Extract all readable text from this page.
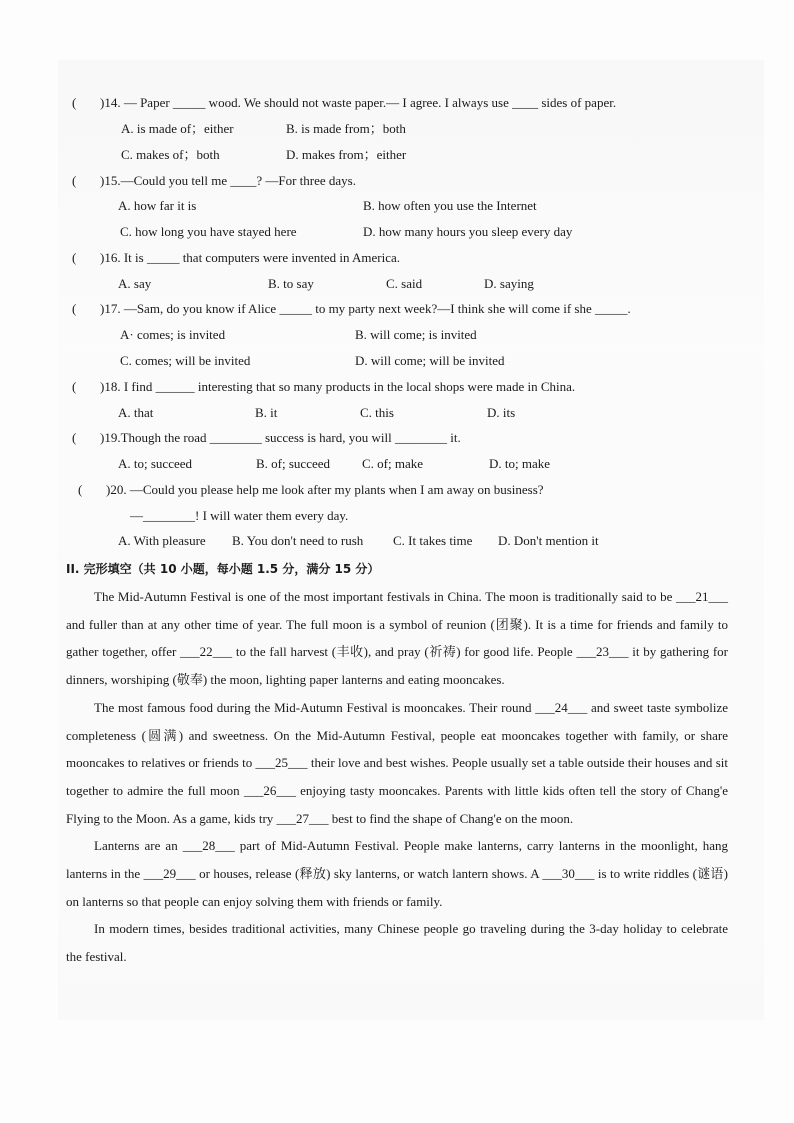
( )14. — Paper _____ wood. We should not waste paper.— I agree. I always use ____ sides of paper.
A. is made of；either	B. is made from；both
C. makes of；both	D. makes from；either
( )15.—Could you tell me ____? —For three days.
A. how far it is	B. how often you use the Internet
C. how long you have stayed here	D. how many hours you sleep every day
( )16. It is _____ that computers were invented in America.
A. say	B. to say	C. said	D. saying
( )17. —Sam, do you know if Alice _____ to my party next week?—I think she will come if she _____.
A· comes; is invited	B. will come; is invited
C. comes; will be invited	D. will come; will be invited
( )18. I find ______ interesting that so many products in the local shops were made in China.
A. that	B. it	C. this	D. its
( )19.Though the road ________ success is hard, you will ________ it.
A. to; succeed	B. of; succeed C. of; make	D. to; make
( )20. —Could you please help me look after my plants when I am away on business?
—________! I will water them every day.
A. With pleasure B. You don't need to rush C. It takes time D. Don't mention it
II. 完形填空（共 10 小题，每小题 1.5 分，满分 15 分）

The Mid-Autumn Festival is one of the most important festivals in China. The moon is traditionally said to be ___21___ and fuller than at any other time of year. The full moon is a symbol of reunion (团聚). It is a time for friends and family to gather together, offer ___22___ to the fall harvest (丰收), and pray (祈祷) for good life. People ___23___ it by gathering for dinners, worshiping (敬奉) the moon, lighting paper lanterns and eating mooncakes.

The most famous food during the Mid-Autumn Festival is mooncakes. Their round ___24___ and sweet taste symbolize completeness (圆满) and sweetness. On the Mid-Autumn Festival, people eat mooncakes together with family, or share mooncakes to relatives or friends to ___25___ their love and best wishes. People usually set a table outside their houses and sit together to admire the full moon ___26___ enjoying tasty mooncakes. Parents with little kids often tell the story of Chang'e Flying to the Moon. As a game, kids try ___27___ best to find the shape of Chang'e on the moon.

Lanterns are an ___28___ part of Mid-Autumn Festival. People make lanterns, carry lanterns in the moonlight, hang lanterns in the ___29___ or houses, release (释放) sky lanterns, or watch lantern shows. A ___30___ is to write riddles (谜语) on lanterns so that people can enjoy solving them with friends or family.

In modern times, besides traditional activities, many Chinese people go traveling during the 3-day holiday to celebrate the festival.
